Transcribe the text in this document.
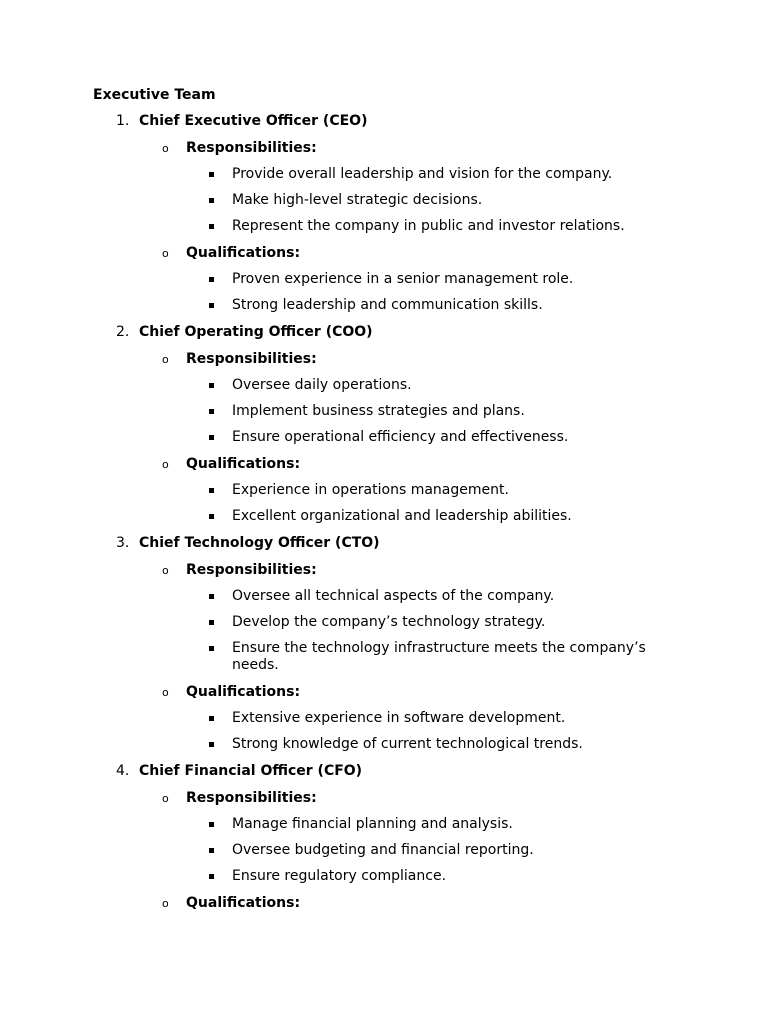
Executive Team
1. Chief Executive Officer (CEO)
o Responsibilities:
Provide overall leadership and vision for the company.
Make high-level strategic decisions.
Represent the company in public and investor relations.
o Qualifications:
Proven experience in a senior management role.
Strong leadership and communication skills.
2. Chief Operating Officer (COO)
o Responsibilities:
Oversee daily operations.
Implement business strategies and plans.
Ensure operational efficiency and effectiveness.
o Qualifications:
Experience in operations management.
Excellent organizational and leadership abilities.
3. Chief Technology Officer (CTO)
o Responsibilities:
Oversee all technical aspects of the company.
Develop the company’s technology strategy.
Ensure the technology infrastructure meets the company’s needs.
o Qualifications:
Extensive experience in software development.
Strong knowledge of current technological trends.
4. Chief Financial Officer (CFO)
o Responsibilities:
Manage financial planning and analysis.
Oversee budgeting and financial reporting.
Ensure regulatory compliance.
o Qualifications:
